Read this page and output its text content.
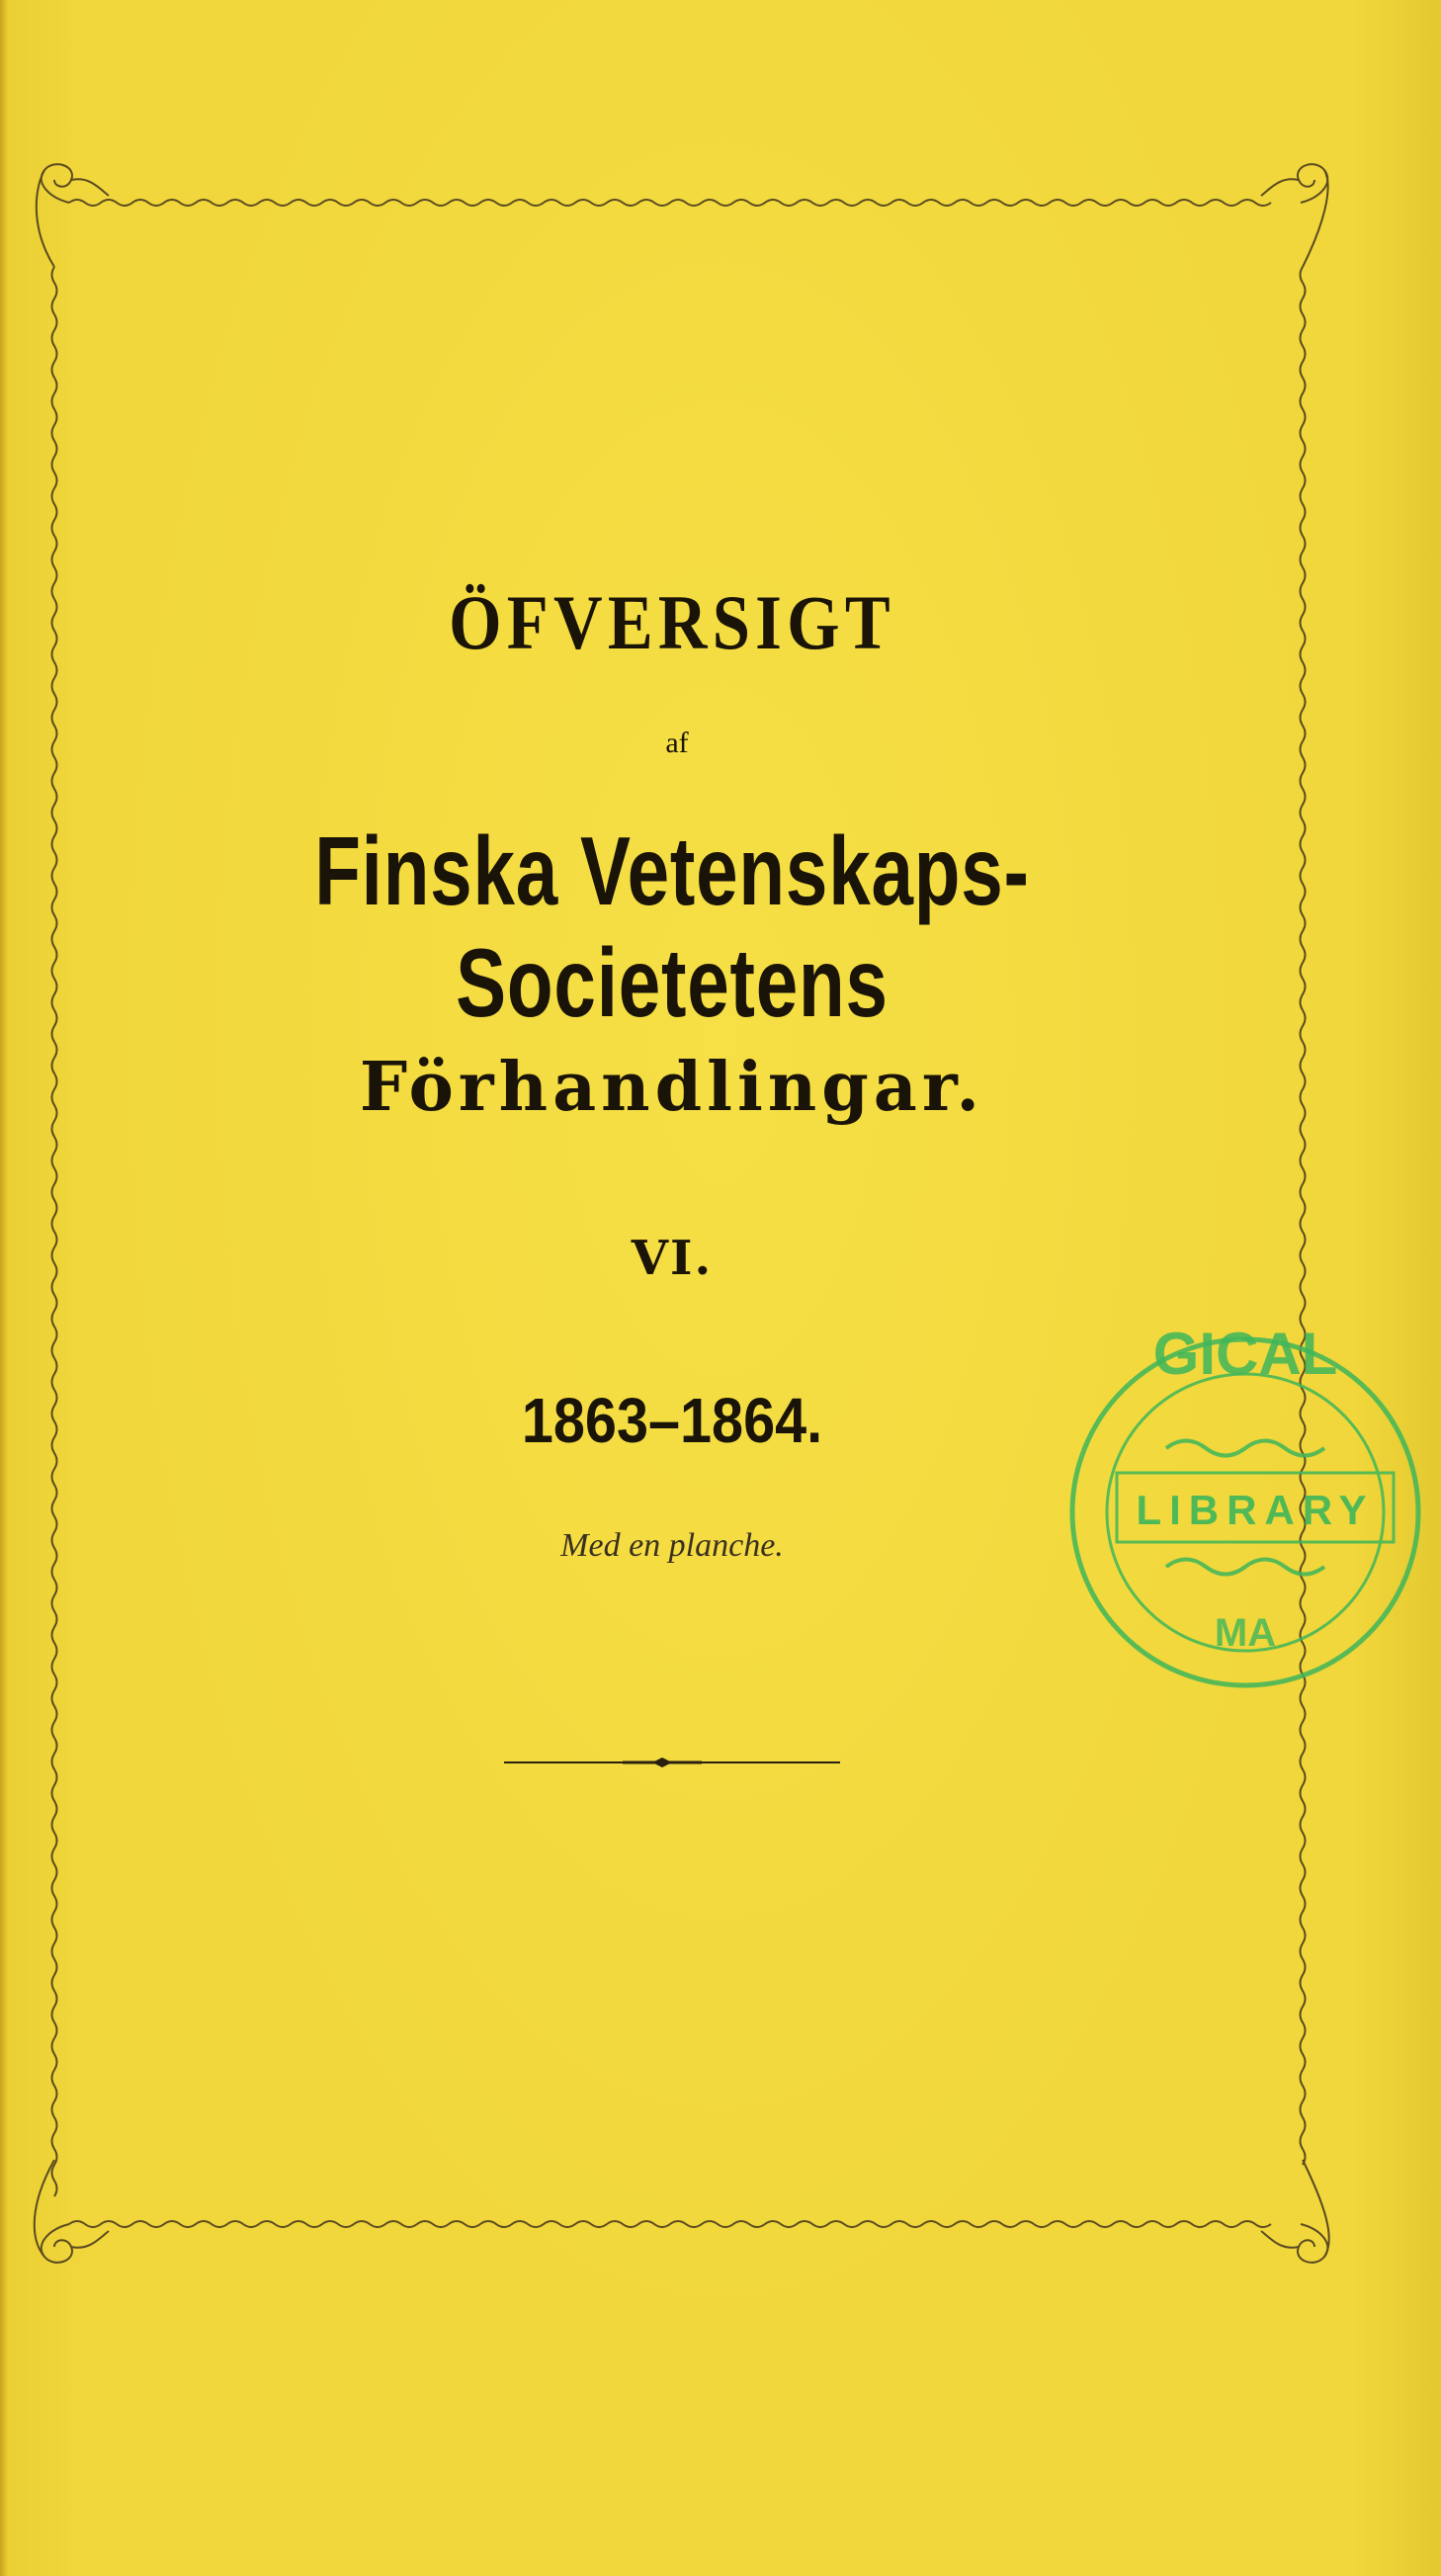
ÖFVERSIGT
af
Finska Vetenskaps-Societetens
Förhandlingar.
VI.
1863–1864.
Med en planche.
GICAL
LIBRARY
MA
